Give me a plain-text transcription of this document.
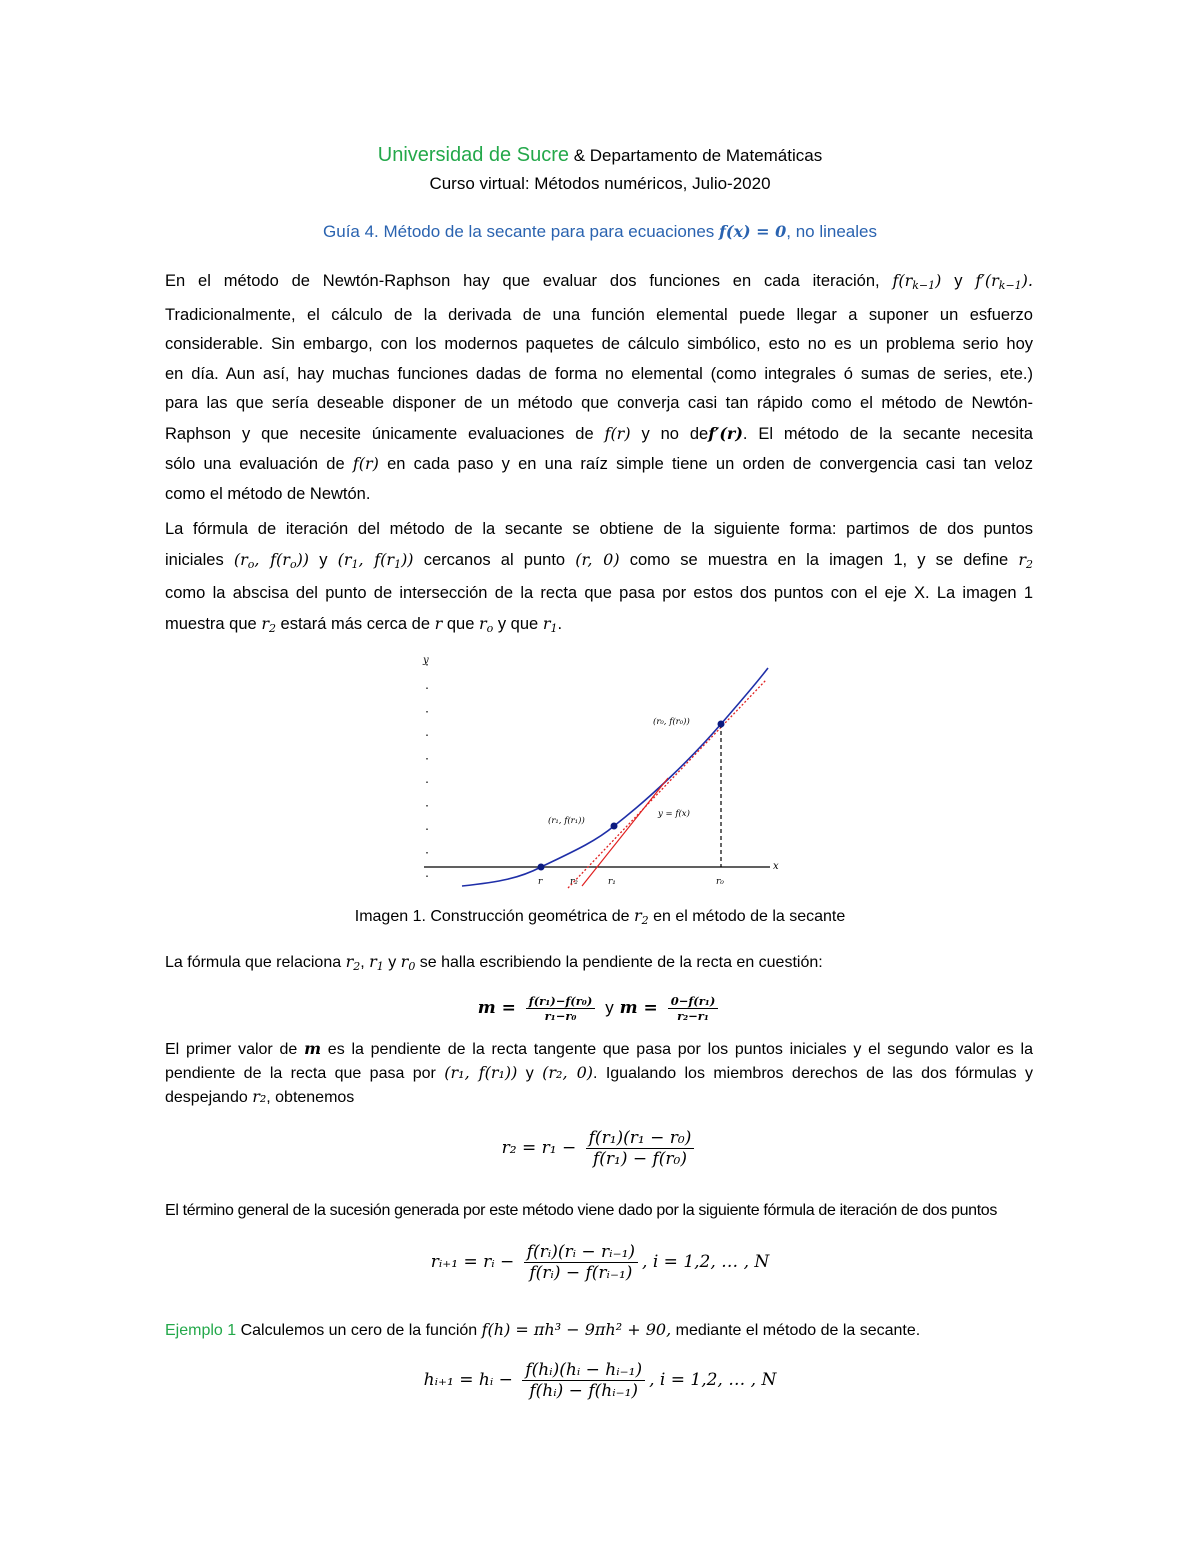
Universidad de Sucre & Departamento de Matemáticas
Curso virtual: Métodos numéricos, Julio-2020
Guía 4. Método de la secante para para ecuaciones f(x) = 0, no lineales
En el método de Newtón-Raphson hay que evaluar dos funciones en cada iteración, $f(r_{k-1})$ y $f'(r_{k-1})$.
Tradicionalmente, el cálculo de la derivada de una función elemental puede llegar a suponer un esfuerzo
considerable. Sin embargo, con los modernos paquetes de cálculo simbólico, esto no es un problema serio hoy
en día. Aun así, hay muchas funciones dadas de forma no elemental (como integrales ó sumas de series, ete.)
para las que sería deseable disponer de un método que converja casi tan rápido como el método de Newtón-
Raphson y que necesite únicamente evaluaciones de f(r) y no def′(r). El método de la secante necesita
sólo una evaluación de f(r) en cada paso y en una raíz simple tiene un orden de convergencia casi tan veloz
como el método de Newtón.
La fórmula de iteración del método de la secante se obtiene de la siguiente forma: partimos de dos puntos
iniciales ($r_o$, $f(r_o)$) y ($r_1$, $f(r_1)$) cercanos al punto (r, 0) como se muestra en la imagen 1, y se define $r_2$
como la abscisa del punto de intersección de la recta que pasa por estos dos puntos con el eje X. La imagen 1
muestra que $r_2$ estará más cerca de r que $r_o$ y que $r_1$.
y
x
(r₀, f(r₀))
(r₁, f(r₁))
y = f(x)
r	r₂	r₁	r₀
Imagen 1. Construcción geométrica de $r_2$ en el método de la secante
La fórmula que relaciona $r_2$, $r_1$ y $r_0$ se halla escribiendo la pendiente de la recta en cuestión:
$m = \frac{\text{f(r₁)−f(r₀)}}{\text{r₁−r₀}}$ y $m = \frac{\text{0−f(r₁)}}{\text{r₂−r₁}}$
El primer valor de m es la pendiente de la recta tangente que pasa por los puntos iniciales y el segundo valor es la
pendiente de la recta que pasa por (r₁, f(r₁)) y (r₂, 0). Igualando los miembros derechos de las dos fórmulas y
despejando r₂, obtenemos
$r_2 = r_1 - \frac{\text{f(r₁)(r₁ − r₀)}}{\text{f(r₁) − f(r₀)}}$
El término general de la sucesión generada por este método viene dado por la siguiente fórmula de iteración de dos puntos
rᵢ₊₁ = rᵢ − $\frac{\text{f(rᵢ)(rᵢ − rᵢ₋₁)}}{\text{f(rᵢ) − f(rᵢ₋₁)}}$ , i = 1,2, … , N
Ejemplo 1 Calculemos un cero de la función f(h) = πh³ − 9πh² + 90, mediante el método de la secante.
hᵢ₊₁ = hᵢ − $\frac{\text{f(hᵢ)(hᵢ − hᵢ₋₁)}}{\text{f(hᵢ) − f(hᵢ₋₁)}}$ , i = 1,2, … , N
